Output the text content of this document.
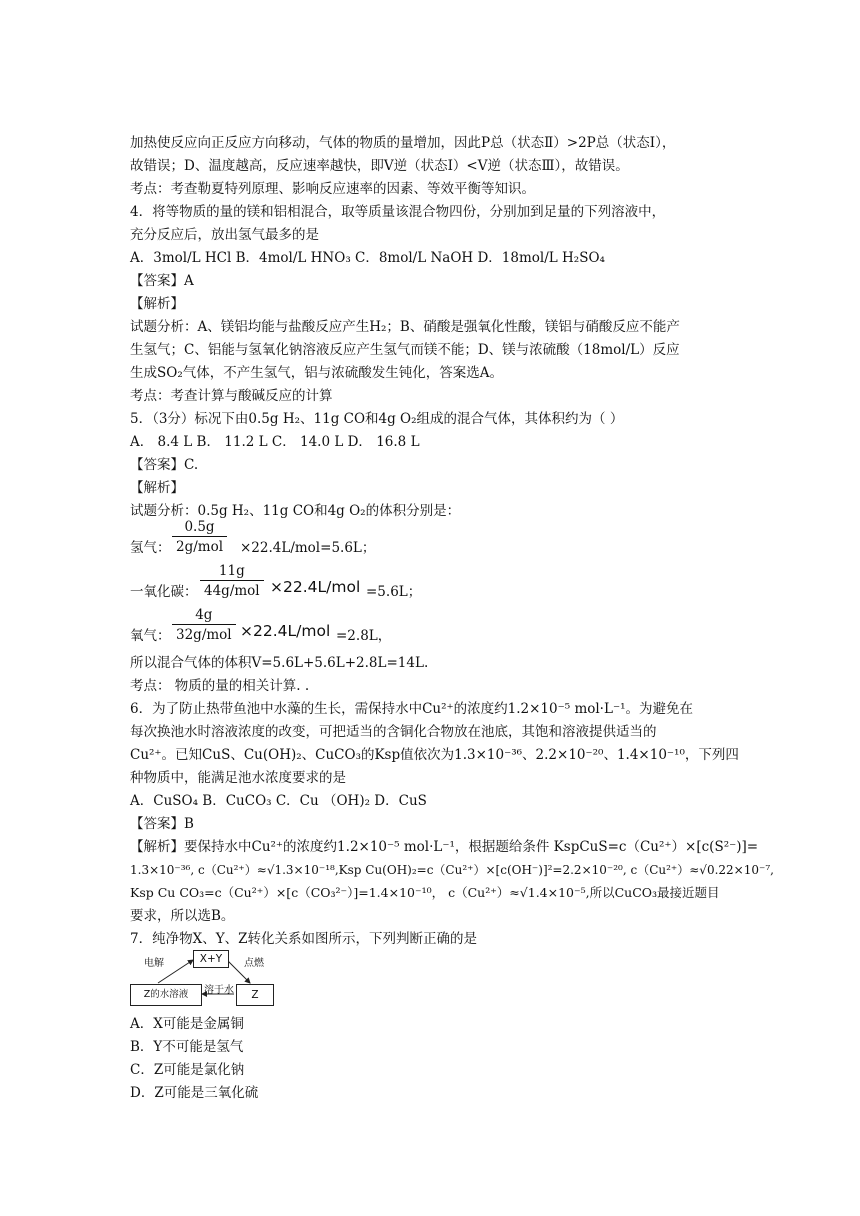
加热使反应向正反应方向移动，气体的物质的量增加，因此P总（状态Ⅱ）>2P总（状态Ⅰ），
故错误；D、温度越高，反应速率越快，即V逆（状态Ⅰ）<V逆（状态Ⅲ），故错误。
考点：考查勒夏特列原理、影响反应速率的因素、等效平衡等知识。
4．将等物质的量的镁和铝相混合，取等质量该混合物四份，分别加到足量的下列溶液中，
充分反应后，放出氢气最多的是
A．3mol/L HCl B．4mol/L HNO₃ C．8mol/L NaOH D．18mol/L H₂SO₄
【答案】A
【解析】
试题分析：A、镁铝均能与盐酸反应产生H₂；B、硝酸是强氧化性酸，镁铝与硝酸反应不能产
生氢气；C、铝能与氢氧化钠溶液反应产生氢气而镁不能；D、镁与浓硫酸（18mol/L）反应
生成SO₂气体，不产生氢气，铝与浓硫酸发生钝化，答案选A。
考点：考查计算与酸碱反应的计算
5．（3分）标况下由0.5g H₂、11g CO和4g O₂组成的混合气体，其体积约为（ ）
A． 8.4 L B． 11.2 L C． 14.0 L D． 16.8 L
【答案】C.
【解析】
试题分析：0.5g H₂、11g CO和4g O₂的体积分别是：
氢气：
0.5g
2g/mol ×22.4L/mol=5.6L；
一氧化碳：
11g
44g/mol ×22.4L/mol =5.6L；
氧气：
4g
32g/mol ×22.4L/mol =2.8L，
所以混合气体的体积V=5.6L+5.6L+2.8L=14L.
考点： 物质的量的相关计算. .
6．为了防止热带鱼池中水藻的生长，需保持水中Cu²⁺的浓度约1.2×10⁻⁵ mol·L⁻¹。为避免在
每次换池水时溶液浓度的改变，可把适当的含铜化合物放在池底，其饱和溶液提供适当的
Cu²⁺。已知CuS、Cu(OH)₂、CuCO₃的Ksp值依次为1.3×10⁻³⁶、2.2×10⁻²⁰、1.4×10⁻¹⁰，下列四
种物质中，能满足池水浓度要求的是
A．CuSO₄ B．CuCO₃ C．Cu （OH)₂ D．CuS
【答案】B
【解析】要保持水中Cu²⁺的浓度约1.2×10⁻⁵ mol·L⁻¹，根据题给条件 KspCuS=c（Cu²⁺）×[c(S²⁻)]=
1.3×10⁻³⁶, c（Cu²⁺）≈√1.3×10⁻¹⁸,Ksp Cu(OH)₂=c（Cu²⁺）×[c(OH⁻)]²=2.2×10⁻²⁰, c（Cu²⁺）≈√0.22×10⁻⁷,
Ksp Cu CO₃=c（Cu²⁺）×[c（CO₃²⁻）]=1.4×10⁻¹⁰， c（Cu²⁺）≈√1.4×10⁻⁵,所以CuCO₃最接近题目
要求，所以选B。
7．纯净物X、Y、Z转化关系如图所示，下列判断正确的是
X+Y
Z的水溶液	Z
电解	点燃
溶于水
A．X可能是金属铜
B．Y不可能是氢气
C．Z可能是氯化钠
D．Z可能是三氧化硫
